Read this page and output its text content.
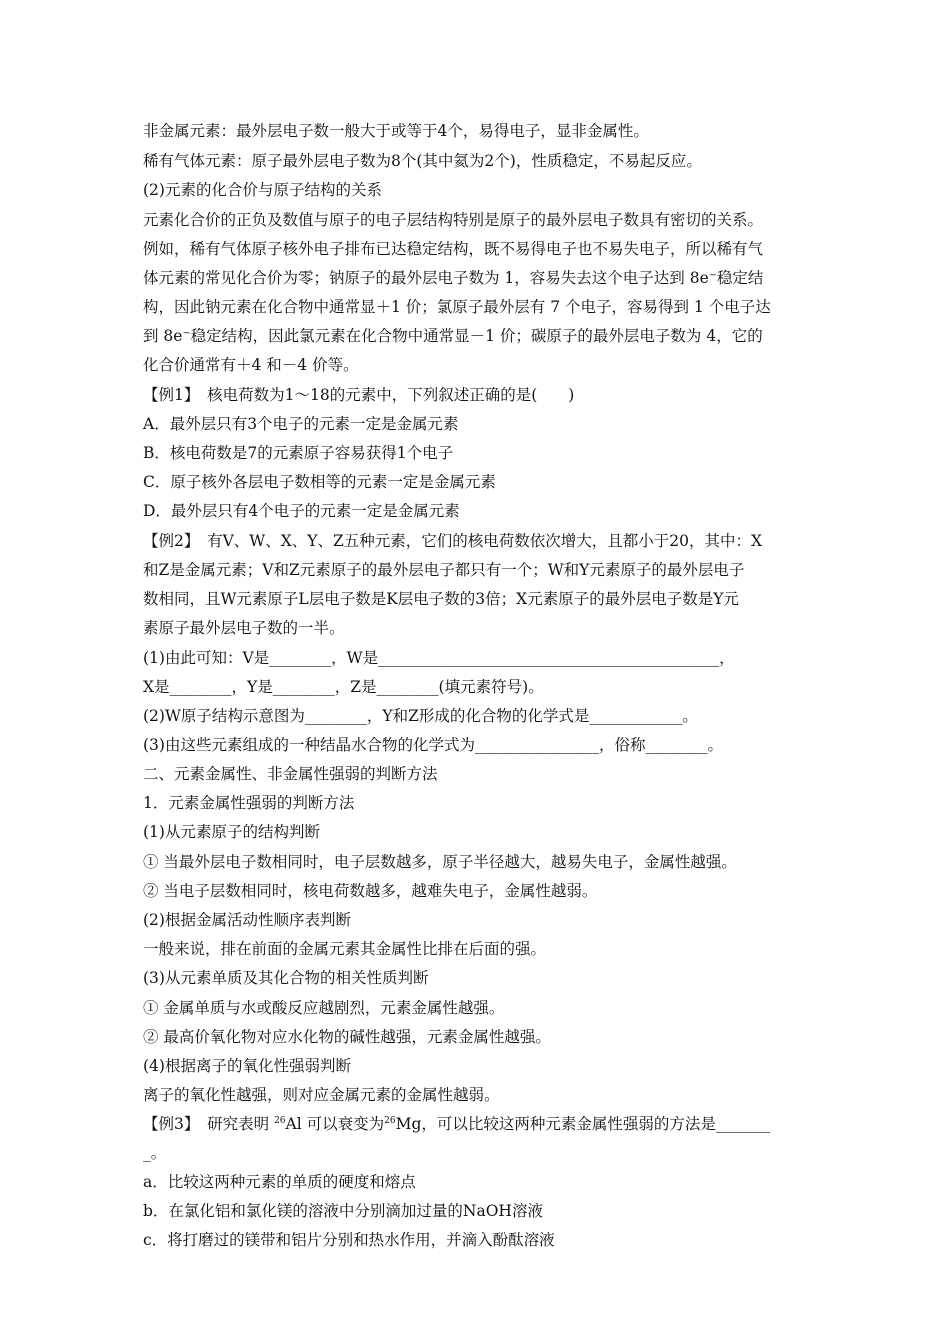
非金属元素：最外层电子数一般大于或等于4个，易得电子，显非金属性。
稀有气体元素：原子最外层电子数为8个(其中氦为2个)，性质稳定，不易起反应。
(2)元素的化合价与原子结构的关系
元素化合价的正负及数值与原子的电子层结构特别是原子的最外层电子数具有密切的关系。
例如，稀有气体原子核外电子排布已达稳定结构，既不易得电子也不易失电子，所以稀有气
体元素的常见化合价为零；钠原子的最外层电子数为 1，容易失去这个电子达到 8e⁻稳定结
构，因此钠元素在化合物中通常显＋1 价；氯原子最外层有 7 个电子，容易得到 1 个电子达
到 8e⁻稳定结构，因此氯元素在化合物中通常显－1 价；碳原子的最外层电子数为 4，它的
化合价通常有＋4 和－4 价等。
【例1】　核电荷数为1～18的元素中，下列叙述正确的是(　　)
A．最外层只有3个电子的元素一定是金属元素
B．核电荷数是7的元素原子容易获得1个电子
C．原子核外各层电子数相等的元素一定是金属元素
D．最外层只有4个电子的元素一定是金属元素
【例2】　有V、W、X、Y、Z五种元素，它们的核电荷数依次增大，且都小于20，其中：X
和Z是金属元素；V和Z元素原子的最外层电子都只有一个；W和Y元素原子的最外层电子
数相同，且W元素原子L层电子数是K层电子数的3倍；X元素原子的最外层电子数是Y元
素原子最外层电子数的一半。
(1)由此可知：V是________，W是____________________________________________，
X是________，Y是________，Z是________(填元素符号)。
(2)W原子结构示意图为________，Y和Z形成的化合物的化学式是____________。
(3)由这些元素组成的一种结晶水合物的化学式为________________，俗称________。
二、元素金属性、非金属性强弱的判断方法
1．元素金属性强弱的判断方法
(1)从元素原子的结构判断
① 当最外层电子数相同时，电子层数越多，原子半径越大，越易失电子，金属性越强。
② 当电子层数相同时，核电荷数越多，越难失电子，金属性越弱。
(2)根据金属活动性顺序表判断
一般来说，排在前面的金属元素其金属性比排在后面的强。
(3)从元素单质及其化合物的相关性质判断
① 金属单质与水或酸反应越剧烈，元素金属性越强。
② 最高价氧化物对应水化物的碱性越强，元素金属性越强。
(4)根据离子的氧化性强弱判断
离子的氧化性越强，则对应金属元素的金属性越弱。
【例3】　研究表明 $^{26}$Al 可以衰变为$^{26}$Mg，可以比较这两种元素金属性强弱的方法是_______
_。
a．比较这两种元素的单质的硬度和熔点
b．在氯化铝和氯化镁的溶液中分别滴加过量的NaOH溶液
c．将打磨过的镁带和铝片分别和热水作用，并滴入酚酞溶液
